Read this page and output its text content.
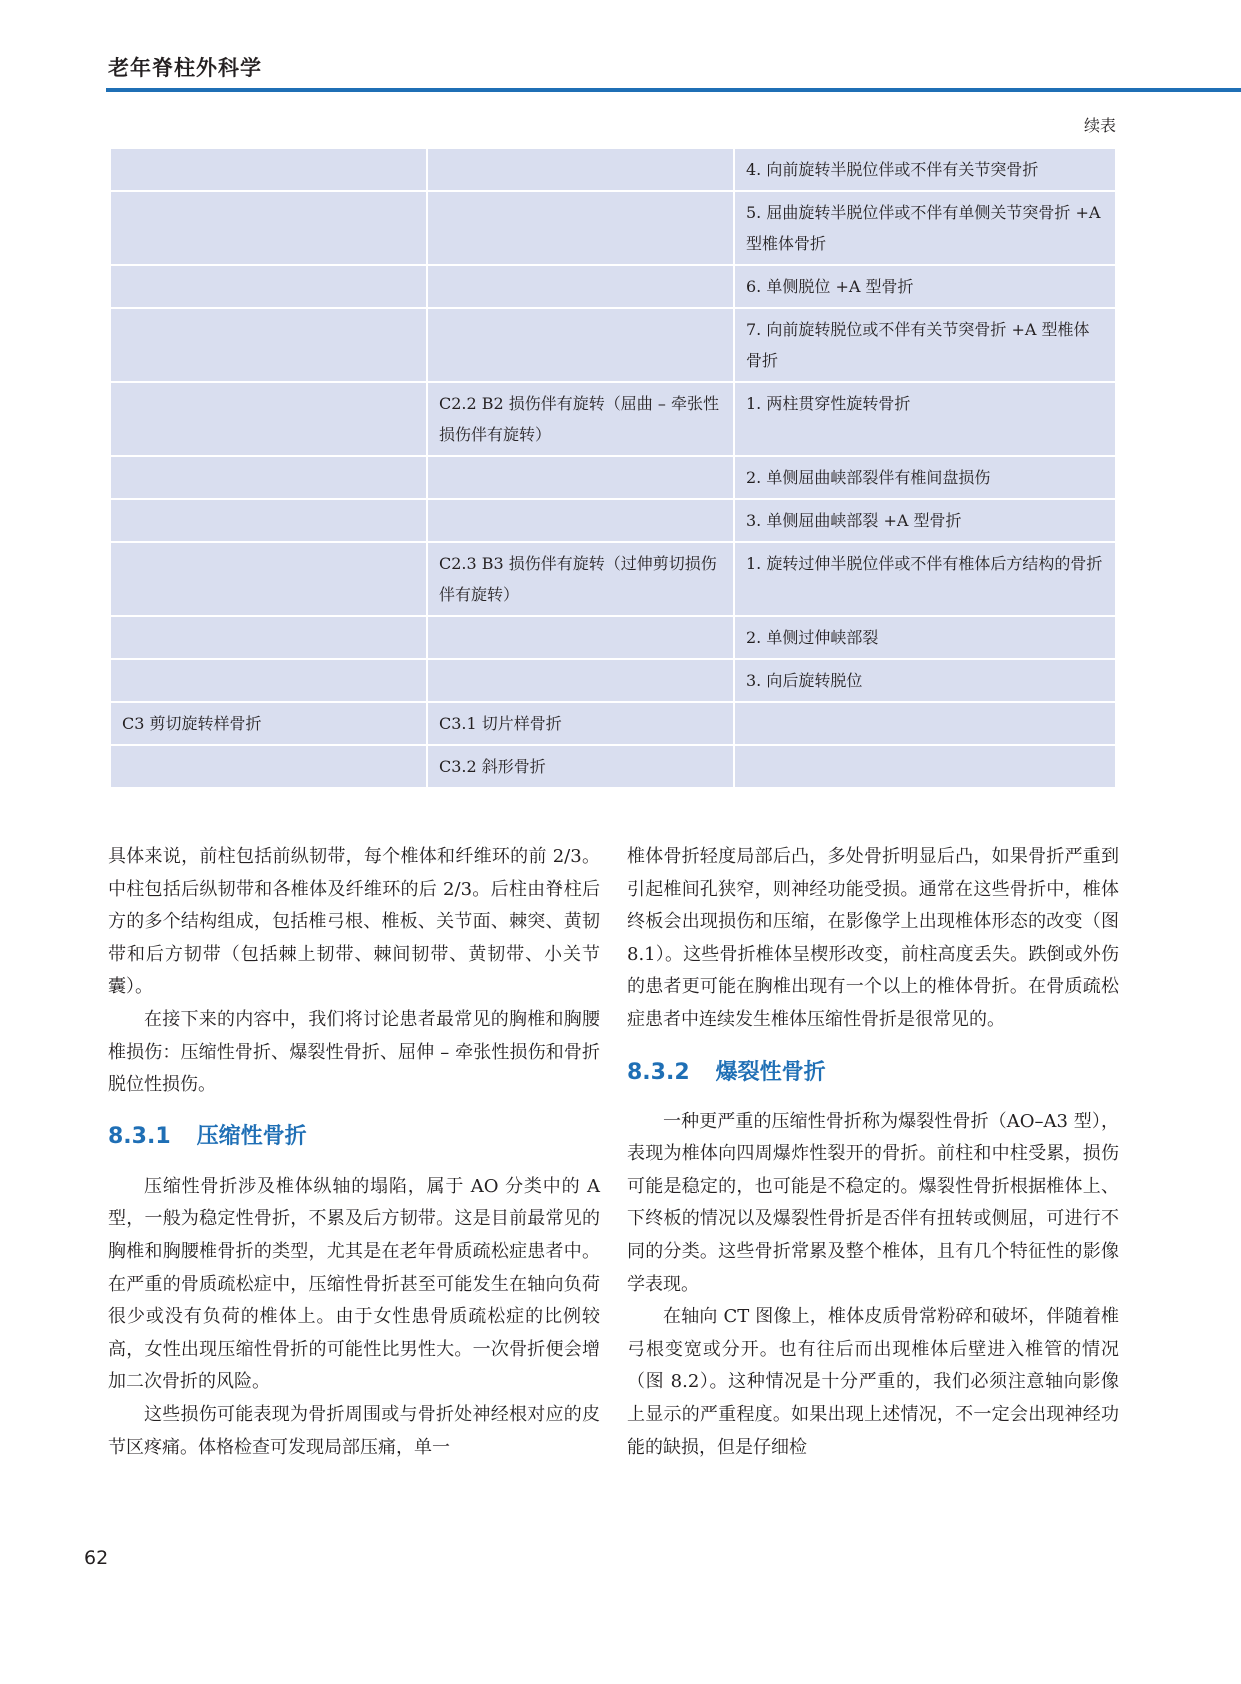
老年脊柱外科学
续表
		4. 向前旋转半脱位伴或不伴有关节突骨折
		5. 屈曲旋转半脱位伴或不伴有单侧关节突骨折 +A 型椎体骨折
		6. 单侧脱位 +A 型骨折
		7. 向前旋转脱位或不伴有关节突骨折 +A 型椎体骨折
	C2.2 B2 损伤伴有旋转（屈曲 – 牵张性损伤伴有旋转）	1. 两柱贯穿性旋转骨折
		2. 单侧屈曲峡部裂伴有椎间盘损伤
		3. 单侧屈曲峡部裂 +A 型骨折
	C2.3 B3 损伤伴有旋转（过伸剪切损伤伴有旋转）	1. 旋转过伸半脱位伴或不伴有椎体后方结构的骨折
		2. 单侧过伸峡部裂
		3. 向后旋转脱位
C3 剪切旋转样骨折	C3.1 切片样骨折	
	C3.2 斜形骨折	

具体来说，前柱包括前纵韧带，每个椎体和纤维环的前 2/3。中柱包括后纵韧带和各椎体及纤维环的后 2/3。后柱由脊柱后方的多个结构组成，包括椎弓根、椎板、关节面、棘突、黄韧带和后方韧带（包括棘上韧带、棘间韧带、黄韧带、小关节囊）。

在接下来的内容中，我们将讨论患者最常见的胸椎和胸腰椎损伤：压缩性骨折、爆裂性骨折、屈伸 – 牵张性损伤和骨折脱位性损伤。

8.3.1 压缩性骨折

压缩性骨折涉及椎体纵轴的塌陷，属于 AO 分类中的 A 型，一般为稳定性骨折，不累及后方韧带。这是目前最常见的胸椎和胸腰椎骨折的类型，尤其是在老年骨质疏松症患者中。在严重的骨质疏松症中，压缩性骨折甚至可能发生在轴向负荷很少或没有负荷的椎体上。由于女性患骨质疏松症的比例较高，女性出现压缩性骨折的可能性比男性大。一次骨折便会增加二次骨折的风险。

这些损伤可能表现为骨折周围或与骨折处神经根对应的皮节区疼痛。体格检查可发现局部压痛，单一

椎体骨折轻度局部后凸，多处骨折明显后凸，如果骨折严重到引起椎间孔狭窄，则神经功能受损。通常在这些骨折中，椎体终板会出现损伤和压缩，在影像学上出现椎体形态的改变（图 8.1）。这些骨折椎体呈楔形改变，前柱高度丢失。跌倒或外伤的患者更可能在胸椎出现有一个以上的椎体骨折。在骨质疏松症患者中连续发生椎体压缩性骨折是很常见的。

8.3.2 爆裂性骨折

一种更严重的压缩性骨折称为爆裂性骨折（AO–A3 型），表现为椎体向四周爆炸性裂开的骨折。前柱和中柱受累，损伤可能是稳定的，也可能是不稳定的。爆裂性骨折根据椎体上、下终板的情况以及爆裂性骨折是否伴有扭转或侧屈，可进行不同的分类。这些骨折常累及整个椎体，且有几个特征性的影像学表现。

在轴向 CT 图像上，椎体皮质骨常粉碎和破坏，伴随着椎弓根变宽或分开。也有往后而出现椎体后壁进入椎管的情况（图 8.2）。这种情况是十分严重的，我们必须注意轴向影像上显示的严重程度。如果出现上述情况，不一定会出现神经功能的缺损，但是仔细检

62
